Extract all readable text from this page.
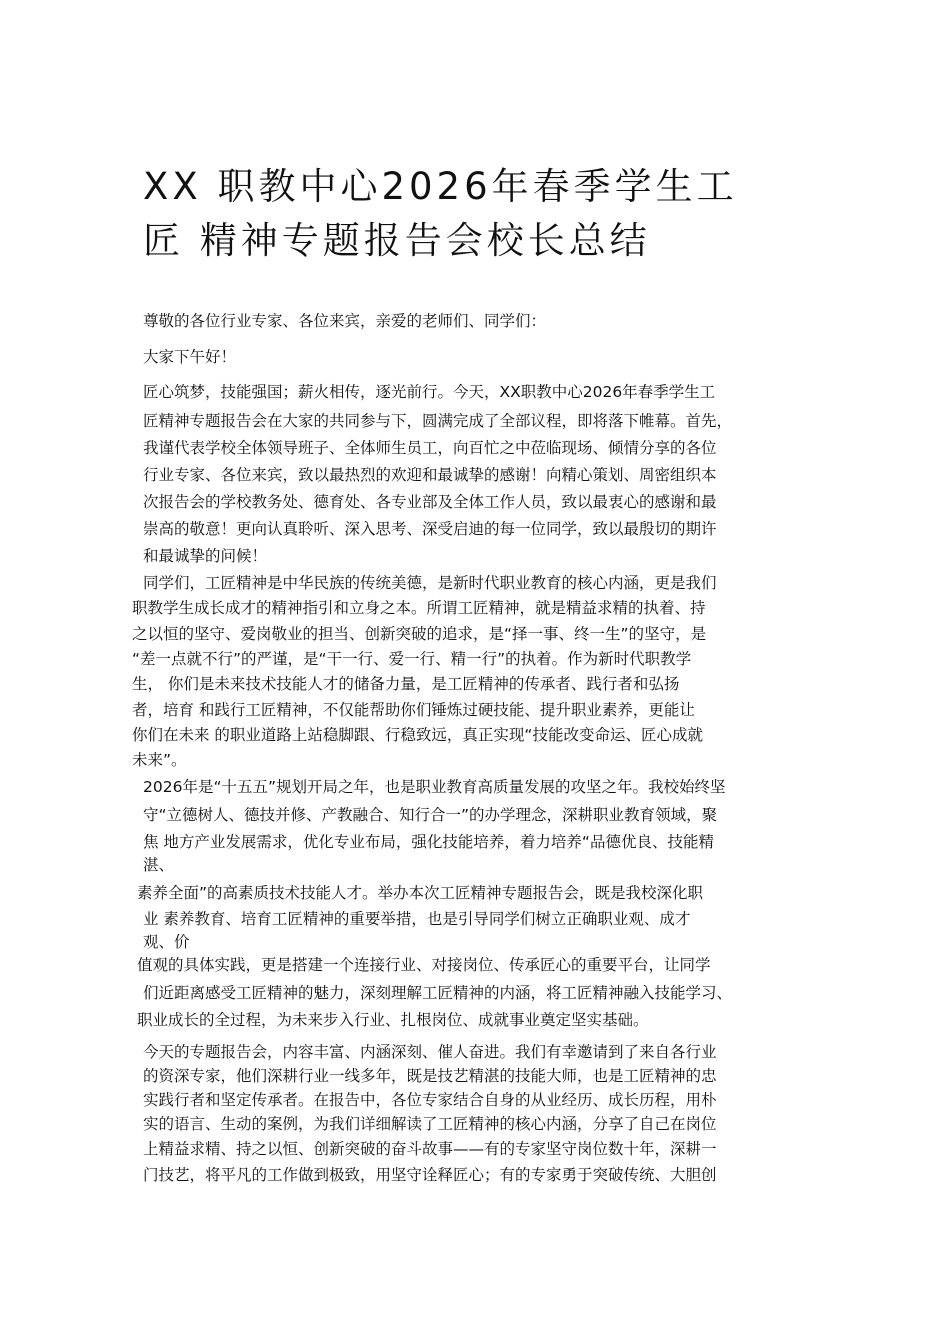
XX 职教中心2026年春季学生工
匠 精神专题报告会校长总结
尊敬的各位行业专家、各位来宾，亲爱的老师们、同学们：
大家下午好！
匠心筑梦，技能强国；薪火相传，逐光前行。今天，XX职教中心2026年春季学生工
匠精神专题报告会在大家的共同参与下，圆满完成了全部议程，即将落下帷幕。首先，
我谨代表学校全体领导班子、全体师生员工，向百忙之中莅临现场、倾情分享的各位
行业专家、各位来宾，致以最热烈的欢迎和最诚挚的感谢！向精心策划、周密组织本
次报告会的学校教务处、德育处、各专业部及全体工作人员，致以最衷心的感谢和最
崇高的敬意！更向认真聆听、深入思考、深受启迪的每一位同学，致以最殷切的期许
和最诚挚的问候！
同学们，工匠精神是中华民族的传统美德，是新时代职业教育的核心内涵，更是我们
职教学生成长成才的精神指引和立身之本。所谓工匠精神，就是精益求精的执着、持
之以恒的坚守、爱岗敬业的担当、创新突破的追求，是“择一事、终一生”的坚守，是
“差一点就不行”的严谨，是“干一行、爱一行、精一行”的执着。作为新时代职教学
生， 你们是未来技术技能人才的储备力量，是工匠精神的传承者、践行者和弘扬
者，培育 和践行工匠精神，不仅能帮助你们锤炼过硬技能、提升职业素养，更能让
你们在未来 的职业道路上站稳脚跟、行稳致远，真正实现“技能改变命运、匠心成就
未来”。
2026年是“十五五”规划开局之年，也是职业教育高质量发展的攻坚之年。我校始终坚
守“立德树人、德技并修、产教融合、知行合一”的办学理念，深耕职业教育领域，聚
焦 地方产业发展需求，优化专业布局，强化技能培养，着力培养“品德优良、技能精
湛、
素养全面”的高素质技术技能人才。举办本次工匠精神专题报告会，既是我校深化职
业 素养教育、培育工匠精神的重要举措，也是引导同学们树立正确职业观、成才
观、价
值观的具体实践，更是搭建一个连接行业、对接岗位、传承匠心的重要平台，让同学
们近距离感受工匠精神的魅力，深刻理解工匠精神的内涵，将工匠精神融入技能学习、
职业成长的全过程，为未来步入行业、扎根岗位、成就事业奠定坚实基础。
今天的专题报告会，内容丰富、内涵深刻、催人奋进。我们有幸邀请到了来自各行业
的资深专家，他们深耕行业一线多年，既是技艺精湛的技能大师，也是工匠精神的忠
实践行者和坚定传承者。在报告中，各位专家结合自身的从业经历、成长历程，用朴
实的语言、生动的案例，为我们详细解读了工匠精神的核心内涵，分享了自己在岗位
上精益求精、持之以恒、创新突破的奋斗故事——有的专家坚守岗位数十年，深耕一
门技艺，将平凡的工作做到极致，用坚守诠释匠心；有的专家勇于突破传统、大胆创
